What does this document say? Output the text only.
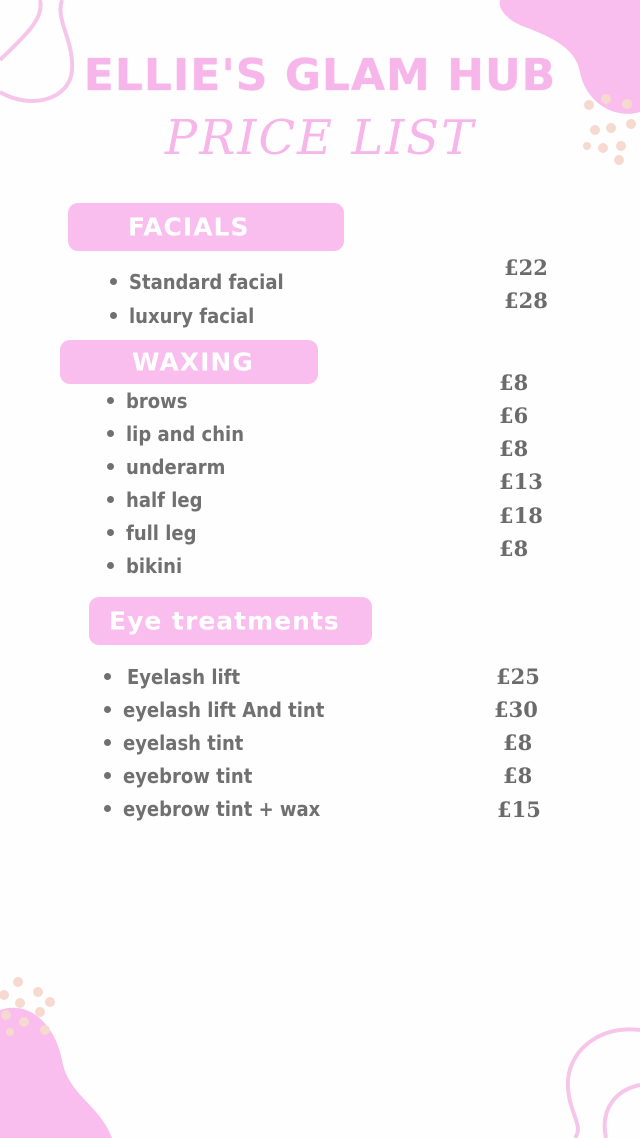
ELLIE'S GLAM HUB
PRICE LIST
FACIALS
Standard facial
luxury facial
£22
£28
WAXING
brows
lip and chin
underarm
half leg
full leg
bikini
£8
£6
£8
£13
£18
£8
Eye treatments
Eyelash lift
eyelash lift And tint
eyelash tint
eyebrow tint
eyebrow tint + wax
£25
£30
£8
£8
£15
